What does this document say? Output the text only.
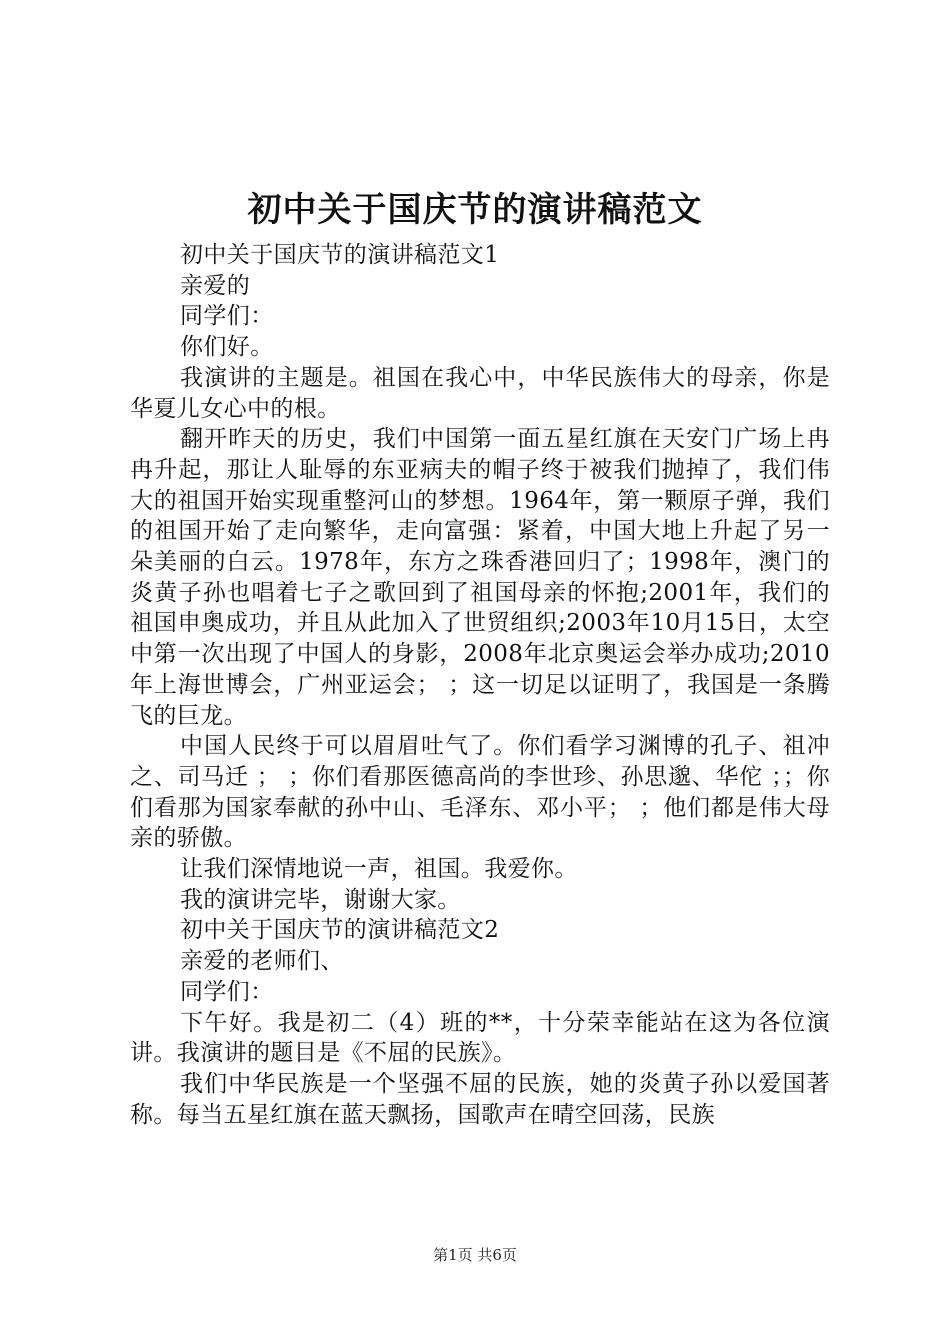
初中关于国庆节的演讲稿范文

初中关于国庆节的演讲稿范文1

亲爱的

同学们：

你们好。

我演讲的主题是。祖国在我心中，中华民族伟大的母亲，你是华夏儿女心中的根。

翻开昨天的历史，我们中国第一面五星红旗在天安门广场上冉冉升起，那让人耻辱的东亚病夫的帽子终于被我们抛掉了，我们伟大的祖国开始实现重整河山的梦想。1964年，第一颗原子弹，我们的祖国开始了走向繁华，走向富强：紧着，中国大地上升起了另一朵美丽的白云。1978年，东方之珠香港回归了；1998年，澳门的炎黄子孙也唱着七子之歌回到了祖国母亲的怀抱;2001年，我们的祖国申奥成功，并且从此加入了世贸组织;2003年10月15日，太空中第一次出现了中国人的身影，2008年北京奥运会举办成功;2010年上海世博会，广州亚运会； ；这一切足以证明了，我国是一条腾飞的巨龙。

中国人民终于可以眉眉吐气了。你们看学习渊博的孔子、祖冲之、司马迁 ； ；你们看那医德高尚的李世珍、孙思邈、华佗 ；；你们看那为国家奉献的孙中山、毛泽东、邓小平； ；他们都是伟大母亲的骄傲。

让我们深情地说一声，祖国。我爱你。

我的演讲完毕，谢谢大家。

初中关于国庆节的演讲稿范文2

亲爱的老师们、

同学们：

下午好。我是初二（4）班的**，十分荣幸能站在这为各位演讲。我演讲的题目是《不屈的民族》。

我们中华民族是一个坚强不屈的民族，她的炎黄子孙以爱国著称。每当五星红旗在蓝天飘扬，国歌声在晴空回荡，民族

第1页 共6页
